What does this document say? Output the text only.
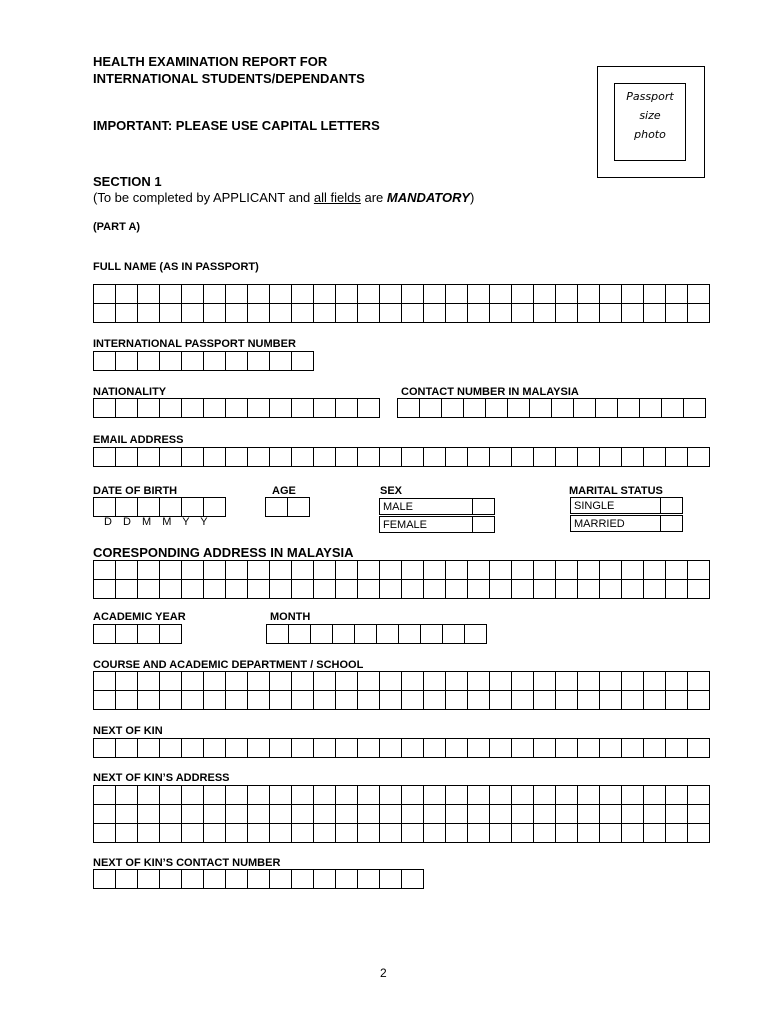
HEALTH EXAMINATION REPORT FOR
INTERNATIONAL STUDENTS/DEPENDANTS
IMPORTANT: PLEASE USE CAPITAL LETTERS
Passport
size
photo
SECTION 1
(To be completed by APPLICANT and all fields are MANDATORY)
(PART A)
FULL NAME (AS IN PASSPORT)
INTERNATIONAL PASSPORT NUMBER
NATIONALITY	CONTACT NUMBER IN MALAYSIA
EMAIL ADDRESS
DATE OF BIRTH
D D M M Y Y
AGE	SEX
MALE
FEMALE
MARITAL STATUS
SINGLE
MARRIED
CORESPONDING ADDRESS IN MALAYSIA
ACADEMIC YEAR	MONTH
COURSE AND ACADEMIC DEPARTMENT / SCHOOL
NEXT OF KIN
NEXT OF KIN’S ADDRESS
NEXT OF KIN’S CONTACT NUMBER
2
